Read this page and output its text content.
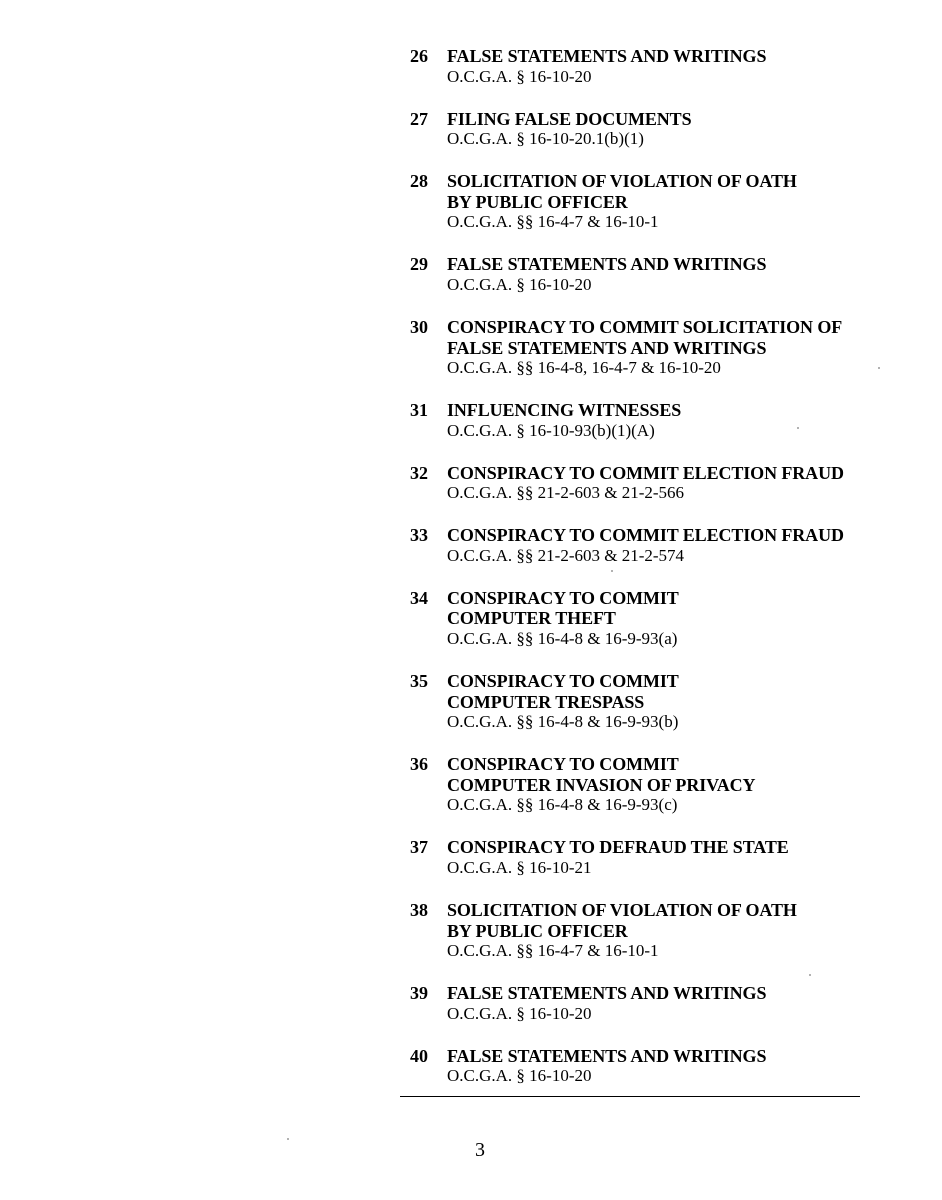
26	FALSE STATEMENTS AND WRITINGS
O.C.G.A. § 16-10-20
27	FILING FALSE DOCUMENTS
O.C.G.A. § 16-10-20.1(b)(1)
28	SOLICITATION OF VIOLATION OF OATH
BY PUBLIC OFFICER
O.C.G.A. §§ 16-4-7 & 16-10-1
29	FALSE STATEMENTS AND WRITINGS
O.C.G.A. § 16-10-20
30	CONSPIRACY TO COMMIT SOLICITATION OF
FALSE STATEMENTS AND WRITINGS
O.C.G.A. §§ 16-4-8, 16-4-7 & 16-10-20
31	INFLUENCING WITNESSES
O.C.G.A. § 16-10-93(b)(1)(A)
32	CONSPIRACY TO COMMIT ELECTION FRAUD
O.C.G.A. §§ 21-2-603 & 21-2-566
33	CONSPIRACY TO COMMIT ELECTION FRAUD
O.C.G.A. §§ 21-2-603 & 21-2-574
34	CONSPIRACY TO COMMIT
COMPUTER THEFT
O.C.G.A. §§ 16-4-8 & 16-9-93(a)
35	CONSPIRACY TO COMMIT
COMPUTER TRESPASS
O.C.G.A. §§ 16-4-8 & 16-9-93(b)
36	CONSPIRACY TO COMMIT
COMPUTER INVASION OF PRIVACY
O.C.G.A. §§ 16-4-8 & 16-9-93(c)
37	CONSPIRACY TO DEFRAUD THE STATE
O.C.G.A. § 16-10-21
38	SOLICITATION OF VIOLATION OF OATH
BY PUBLIC OFFICER
O.C.G.A. §§ 16-4-7 & 16-10-1
39	FALSE STATEMENTS AND WRITINGS
O.C.G.A. § 16-10-20
40	FALSE STATEMENTS AND WRITINGS
O.C.G.A. § 16-10-20
3
